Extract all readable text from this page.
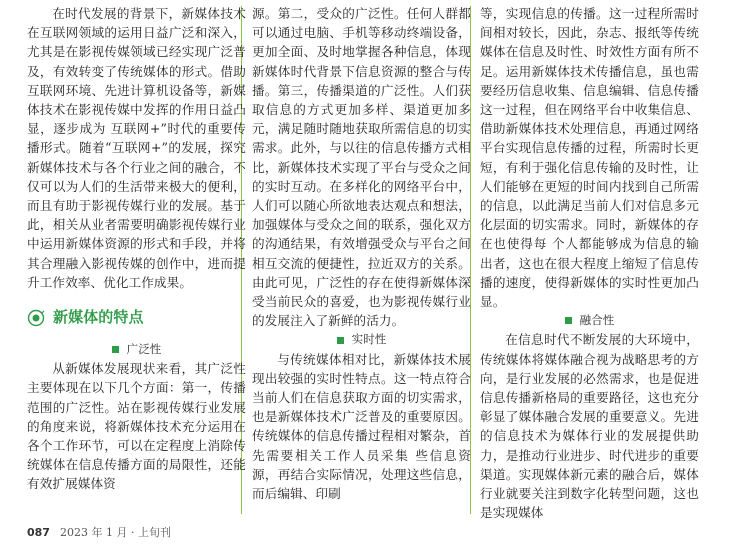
在时代发展的背景下，新媒体技术在互联网领域的运用日益广泛和深入，尤其是在影视传媒领域已经实现广泛普及，有效转变了传统媒体的形式。借助互联网环境、先进计算机设备等，新媒体技术在影视传媒中发挥的作用日益凸显，逐步成为 互联网+”时代的重要传播形式。随着“互联网+”的发展，探究新媒体技术与各个行业之间的融合，不仅可以为人们的生活带来极大的便利，而且有助于影视传媒行业的发展。基于此，相关从业者需要明确影视传媒行业中运用新媒体资源的形式和手段，并将其合理融入影视传媒的创作中，进而提升工作效率、优化工作成果。

新媒体的特点
广泛性

从新媒体发展现状来看，其广泛性主要体现在以下几个方面：第一，传播范围的广泛性。站在影视传媒行业发展的角度来说，将新媒体技术充分运用在各个工作环节，可以在定程度上消除传统媒体在信息传播方面的局限性，还能有效扩展媒体资

源。第二，受众的广泛性。任何人群都可以通过电脑、手机等移动终端设备，更加全面、及时地掌握各种信息，体现新媒体时代背景下信息资源的整合与传播。第三，传播渠道的广泛性。人们获取信息的方式更加多样、渠道更加多元，满足随时随地获取所需信息的切实需求。此外，与以往的信息传播方式相比，新媒体技术实现了平台与受众之间的实时互动。在多样化的网络平台中，人们可以随心所欲地表达观点和想法，加强媒体与受众之间的联系，强化双方的沟通结果，有效增强受众与平台之间相互交流的便捷性，拉近双方的关系。由此可见，广泛性的存在使得新媒体深受当前民众的喜爱，也为影视传媒行业的发展注入了新鲜的活力。

实时性

与传统媒体相对比，新媒体技术展现出较强的实时性特点。这一特点符合当前人们在信息获取方面的切实需求，也是新媒体技术广泛普及的重要原因。传统媒体的信息传播过程相对繁杂，首先需要相关工作人员采集 些信息资源，再结合实际情况，处理这些信息，而后编辑、印刷

等，实现信息的传播。这一过程所需时间相对较长，因此，杂志、报纸等传统媒体在信息及时性、时效性方面有所不足。运用新媒体技术传播信息，虽也需要经历信息收集、信息编辑、信息传播这一过程，但在网络平台中收集信息、借助新媒体技术处理信息，再通过网络平台实现信息传播的过程，所需时长更短，有利于强化信息传输的及时性，让人们能够在更短的时间内找到自己所需的信息，以此满足当前人们对信息多元化层面的切实需求。同时，新媒体的存在也使得每 个人都能够成为信息的输出者，这也在很大程度上缩短了信息传播的速度，使得新媒体的实时性更加凸显。

融合性

在信息时代不断发展的大环境中，传统媒体将媒体融合视为战略思考的方向，是行业发展的必然需求，也是促进信息传播新格局的重要路径，这也充分彰显了媒体融合发展的重要意义。先进的信息技术为媒体行业的发展提供助力，是推动行业进步、时代进步的重要渠道。实现媒体新元素的融合后，媒体行业就要关注到数字化转型问题，这也是实现媒体

087 2023 年 1 月 · 上旬刊
